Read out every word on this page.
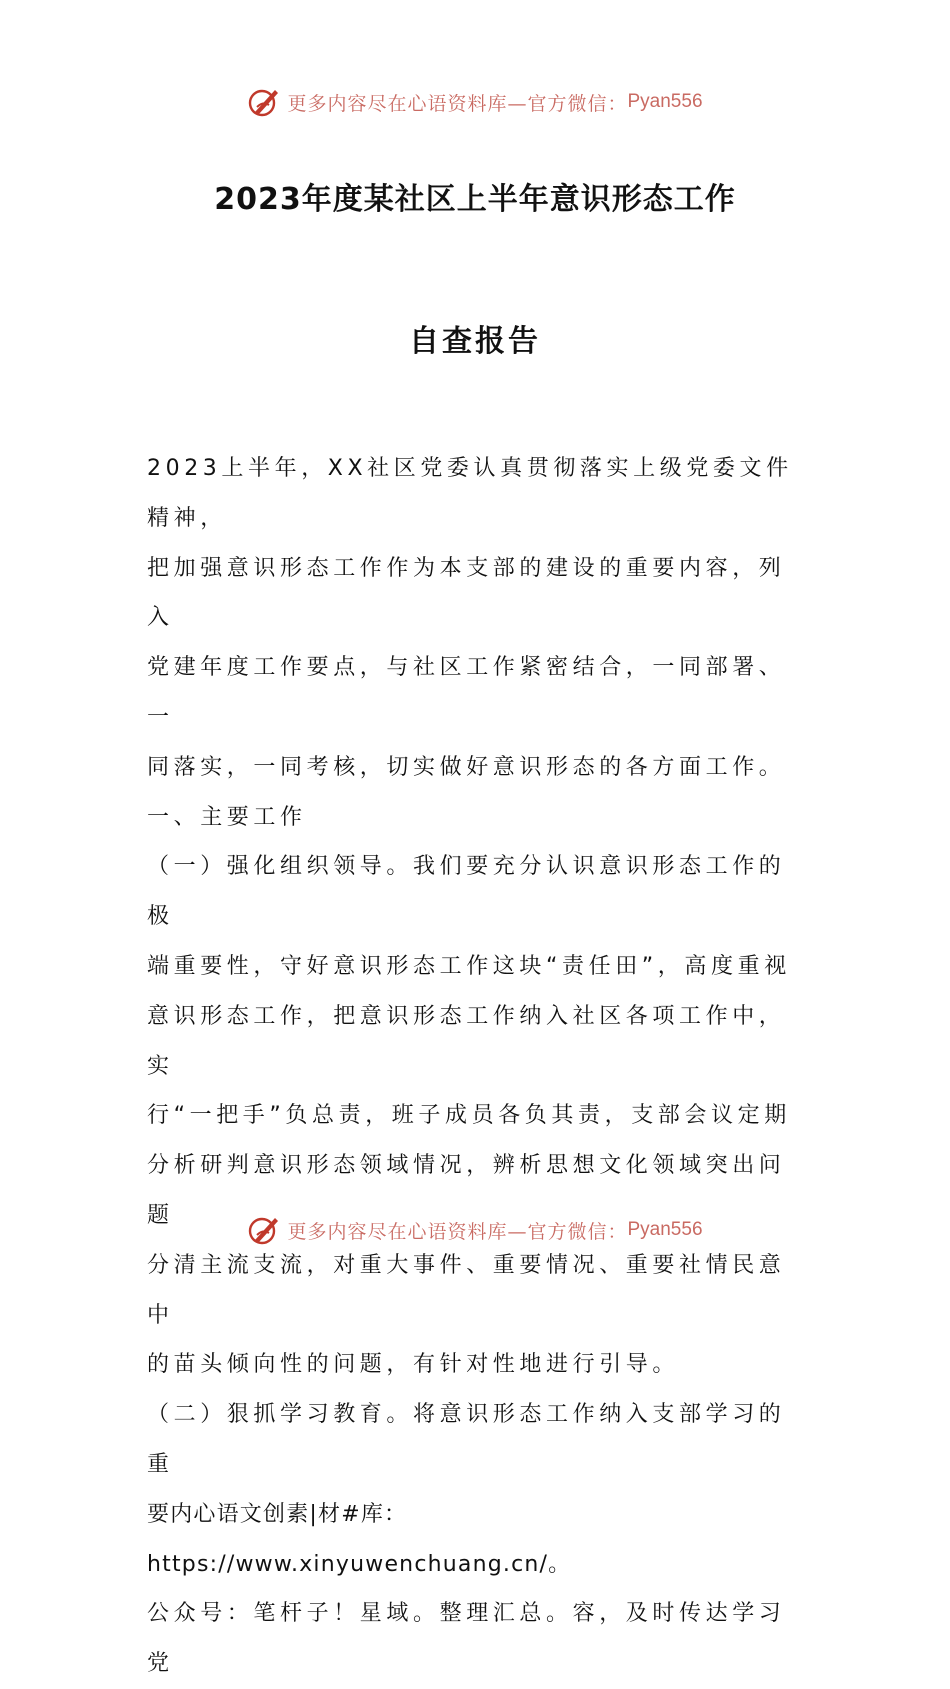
更多内容尽在心语资料库—官方微信： Pyan556
2023年度某社区上半年意识形态工作
自查报告

2023上半年，XX社区党委认真贯彻落实上级党委文件精神，

把加强意识形态工作作为本支部的建设的重要内容，列入

党建年度工作要点，与社区工作紧密结合，一同部署、一

同落实，一同考核，切实做好意识形态的各方面工作。

一、主要工作

（一）强化组织领导。我们要充分认识意识形态工作的极

端重要性，守好意识形态工作这块“责任田”，高度重视

意识形态工作，把意识形态工作纳入社区各项工作中，实

行“一把手”负总责，班子成员各负其责，支部会议定期

分析研判意识形态领域情况，辨析思想文化领域突出问题

分清主流支流，对重大事件、重要情况、重要社情民意中

的苗头倾向性的问题，有针对性地进行引导。

（二）狠抓学习教育。将意识形态工作纳入支部学习的重

要内心语文创素|材#库：https://www.xinyuwenchuang.cn/。

公众号：笔杆子！星域。整理汇总。容，及时传达学习党

更多内容尽在心语资料库—官方微信： Pyan556
